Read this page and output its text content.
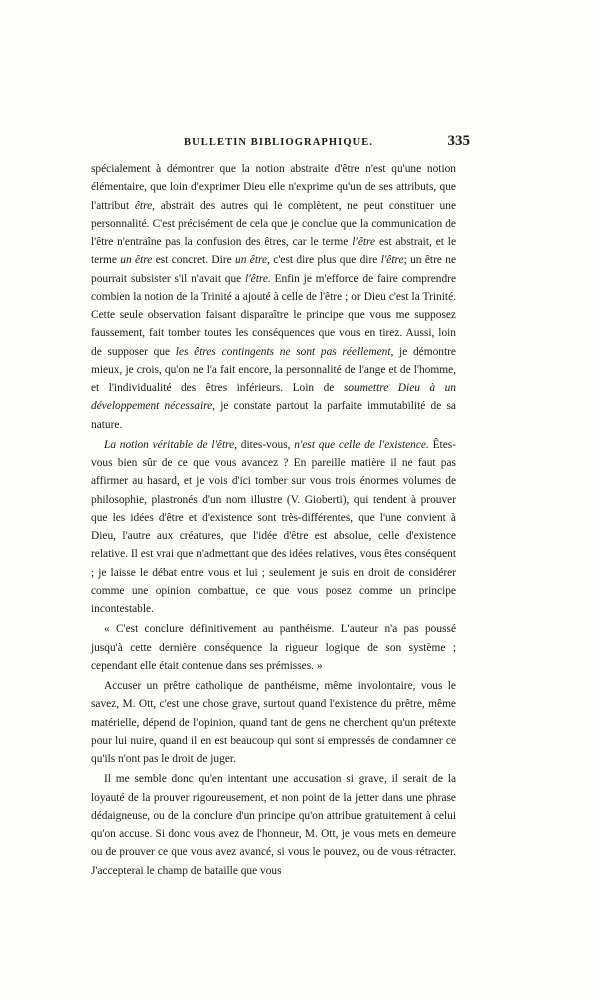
BULLETIN BIBLIOGRAPHIQUE.	335

spécialement à démontrer que la notion abstraite d'être n'est qu'une notion élémentaire, que loin d'exprimer Dieu elle n'exprime qu'un de ses attributs, que l'attribut être, abstrait des autres qui le complètent, ne peut constituer une personnalité. C'est précisément de cela que je conclue que la communication de l'être n'entraîne pas la confusion des êtres, car le terme l'être est abstrait, et le terme un être est concret. Dire un être, c'est dire plus que dire l'être; un être ne pourrait subsister s'il n'avait que l'être. Enfin je m'efforce de faire comprendre combien la notion de la Trinité a ajouté à celle de l'être ; or Dieu c'est la Trinité. Cette seule observation faisant disparaître le principe que vous me supposez faussement, fait tomber toutes les conséquences que vous en tirez. Aussi, loin de supposer que les êtres contingents ne sont pas réellement, je démontre mieux, je crois, qu'on ne l'a fait encore, la personnalité de l'ange et de l'homme, et l'individualité des êtres inférieurs. Loin de soumettre Dieu à un développement nécessaire, je constate partout la parfaite immutabilité de sa nature.

La notion véritable de l'être, dites-vous, n'est que celle de l'existence. Êtes-vous bien sûr de ce que vous avancez ? En pareille matière il ne faut pas affirmer au hasard, et je vois d'ici tomber sur vous trois énormes volumes de philosophie, plastronés d'un nom illustre (V. Gioberti), qui tendent à prouver que les idées d'être et d'existence sont très-différentes, que l'une convient à Dieu, l'autre aux créatures, que l'idée d'être est absolue, celle d'existence relative. Il est vrai que n'admettant que des idées relatives, vous êtes conséquent ; je laisse le débat entre vous et lui ; seulement je suis en droit de considérer comme une opinion combattue, ce que vous posez comme un principe incontestable.

« C'est conclure définitivement au panthéisme. L'auteur n'a pas poussé jusqu'à cette dernière conséquence la rigueur logique de son système ; cependant elle était contenue dans ses prémisses. »

Accuser un prêtre catholique de panthéisme, même involontaire, vous le savez, M. Ott, c'est une chose grave, surtout quand l'existence du prêtre, même matérielle, dépend de l'opinion, quand tant de gens ne cherchent qu'un prétexte pour lui nuire, quand il en est beaucoup qui sont si empressés de condamner ce qu'ils n'ont pas le droit de juger.

Il me semble donc qu'en intentant une accusation si grave, il serait de la loyauté de la prouver rigoureusement, et non point de la jetter dans une phrase dédaigneuse, ou de la conclure d'un principe qu'on attribue gratuitement à celui qu'on accuse. Si donc vous avez de l'honneur, M. Ott, je vous mets en demeure ou de prouver ce que vous avez avancé, si vous le pouvez, ou de vous rétracter. J'accepterai le champ de bataille que vous
